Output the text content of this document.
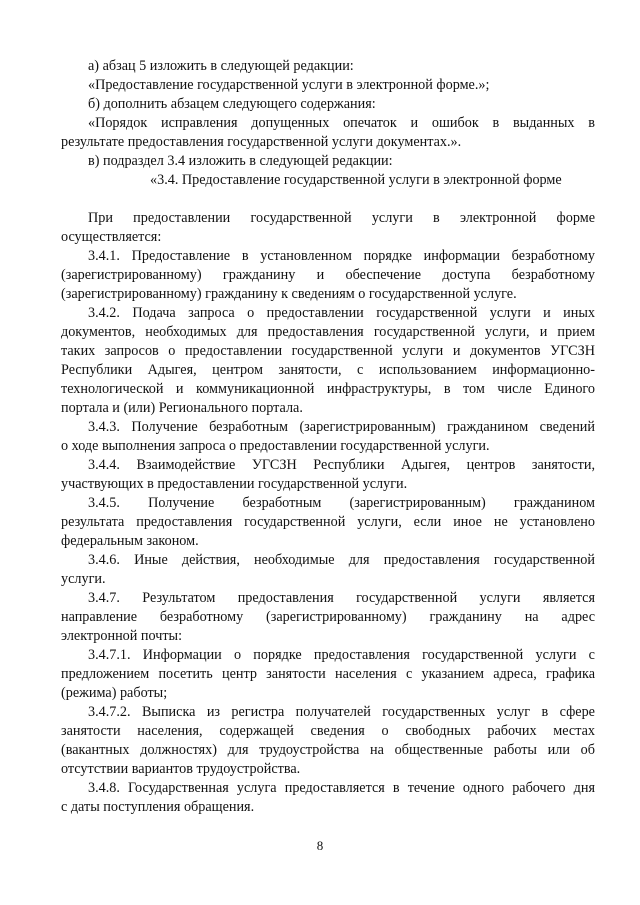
а) абзац 5 изложить в следующей редакции:
«Предоставление государственной услуги в электронной форме.»;
б) дополнить абзацем следующего содержания:
«Порядок исправления допущенных опечаток и ошибок в выданных в
результате предоставления государственной услуги документах.».
в) подраздел 3.4 изложить в следующей редакции:
«3.4. Предоставление государственной услуги в электронной форме
При предоставлении государственной услуги в электронной форме
осуществляется:
3.4.1. Предоставление в установленном порядке информации безработному
(зарегистрированному) гражданину и обеспечение доступа безработному
(зарегистрированному) гражданину к сведениям о государственной услуге.
3.4.2. Подача запроса о предоставлении государственной услуги и иных
документов, необходимых для предоставления государственной услуги, и прием
таких запросов о предоставлении государственной услуги и документов УГСЗН
Республики Адыгея, центром занятости, с использованием информационно-
технологической и коммуникационной инфраструктуры, в том числе Единого
портала и (или) Регионального портала.
3.4.3. Получение безработным (зарегистрированным) гражданином сведений
о ходе выполнения запроса о предоставлении государственной услуги.
3.4.4. Взаимодействие УГСЗН Республики Адыгея, центров занятости,
участвующих в предоставлении государственной услуги.
3.4.5. Получение безработным (зарегистрированным) гражданином
результата предоставления государственной услуги, если иное не установлено
федеральным законом.
3.4.6. Иные действия, необходимые для предоставления государственной
услуги.
3.4.7. Результатом предоставления государственной услуги является
направление безработному (зарегистрированному) гражданину на адрес
электронной почты:
3.4.7.1. Информации о порядке предоставления государственной услуги с
предложением посетить центр занятости населения с указанием адреса, графика
(режима) работы;
3.4.7.2. Выписка из регистра получателей государственных услуг в сфере
занятости населения, содержащей сведения о свободных рабочих местах
(вакантных должностях) для трудоустройства на общественные работы или об
отсутствии вариантов трудоустройства.
3.4.8. Государственная услуга предоставляется в течение одного рабочего дня
с даты поступления обращения.
8
